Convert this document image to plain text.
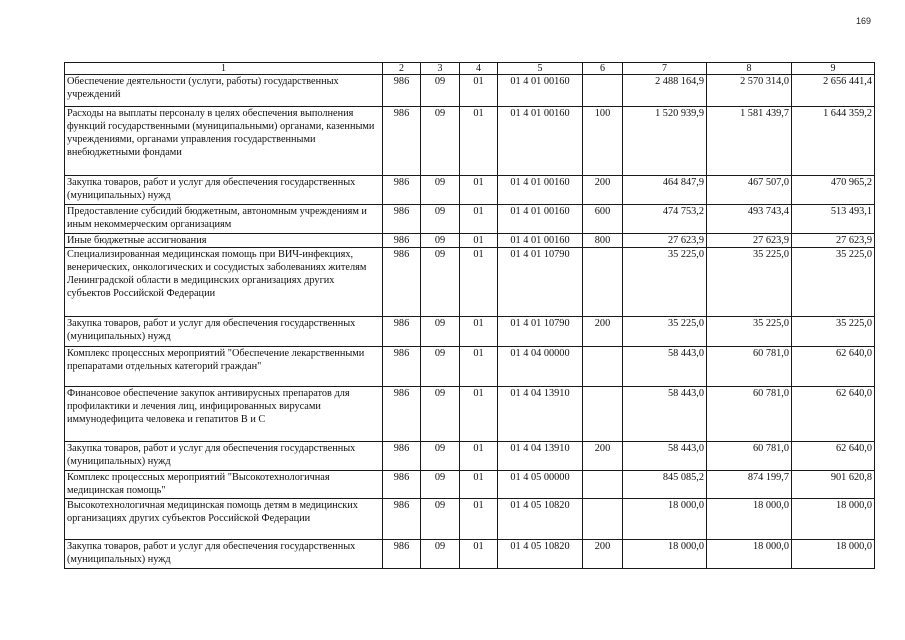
169
1	2	3	4	5	6	7	8	9
Обеспечение деятельности (услуги, работы) государственных учреждений	986	09	01	01 4 01 00160		2 488 164,9	2 570 314,0	2 656 441,4
Расходы на выплаты персоналу в целях обеспечения выполнения функций государственными (муниципальными) органами, казенными учреждениями, органами управления государственными внебюджетными фондами	986	09	01	01 4 01 00160	100	1 520 939,9	1 581 439,7	1 644 359,2
Закупка товаров, работ и услуг для обеспечения государственных (муниципальных) нужд	986	09	01	01 4 01 00160	200	464 847,9	467 507,0	470 965,2
Предоставление субсидий бюджетным, автономным учреждениям и иным некоммерческим организациям	986	09	01	01 4 01 00160	600	474 753,2	493 743,4	513 493,1
Иные бюджетные ассигнования	986	09	01	01 4 01 00160	800	27 623,9	27 623,9	27 623,9
Специализированная медицинская помощь при ВИЧ-инфекциях, венерических, онкологических и сосудистых заболеваниях жителям Ленинградской области в медицинских организациях других субъектов Российской Федерации	986	09	01	01 4 01 10790		35 225,0	35 225,0	35 225,0
Закупка товаров, работ и услуг для обеспечения государственных (муниципальных) нужд	986	09	01	01 4 01 10790	200	35 225,0	35 225,0	35 225,0
Комплекс процессных мероприятий "Обеспечение лекарственными препаратами отдельных категорий граждан"	986	09	01	01 4 04 00000		58 443,0	60 781,0	62 640,0
Финансовое обеспечение закупок антивирусных препаратов для профилактики и лечения лиц, инфицированных вирусами иммунодефицита человека и гепатитов В и С	986	09	01	01 4 04 13910		58 443,0	60 781,0	62 640,0
Закупка товаров, работ и услуг для обеспечения государственных (муниципальных) нужд	986	09	01	01 4 04 13910	200	58 443,0	60 781,0	62 640,0
Комплекс процессных мероприятий "Высокотехнологичная медицинская помощь"	986	09	01	01 4 05 00000		845 085,2	874 199,7	901 620,8
Высокотехнологичная медицинская помощь детям в медицинских организациях других субъектов Российской Федерации	986	09	01	01 4 05 10820		18 000,0	18 000,0	18 000,0
Закупка товаров, работ и услуг для обеспечения государственных (муниципальных) нужд	986	09	01	01 4 05 10820	200	18 000,0	18 000,0	18 000,0
